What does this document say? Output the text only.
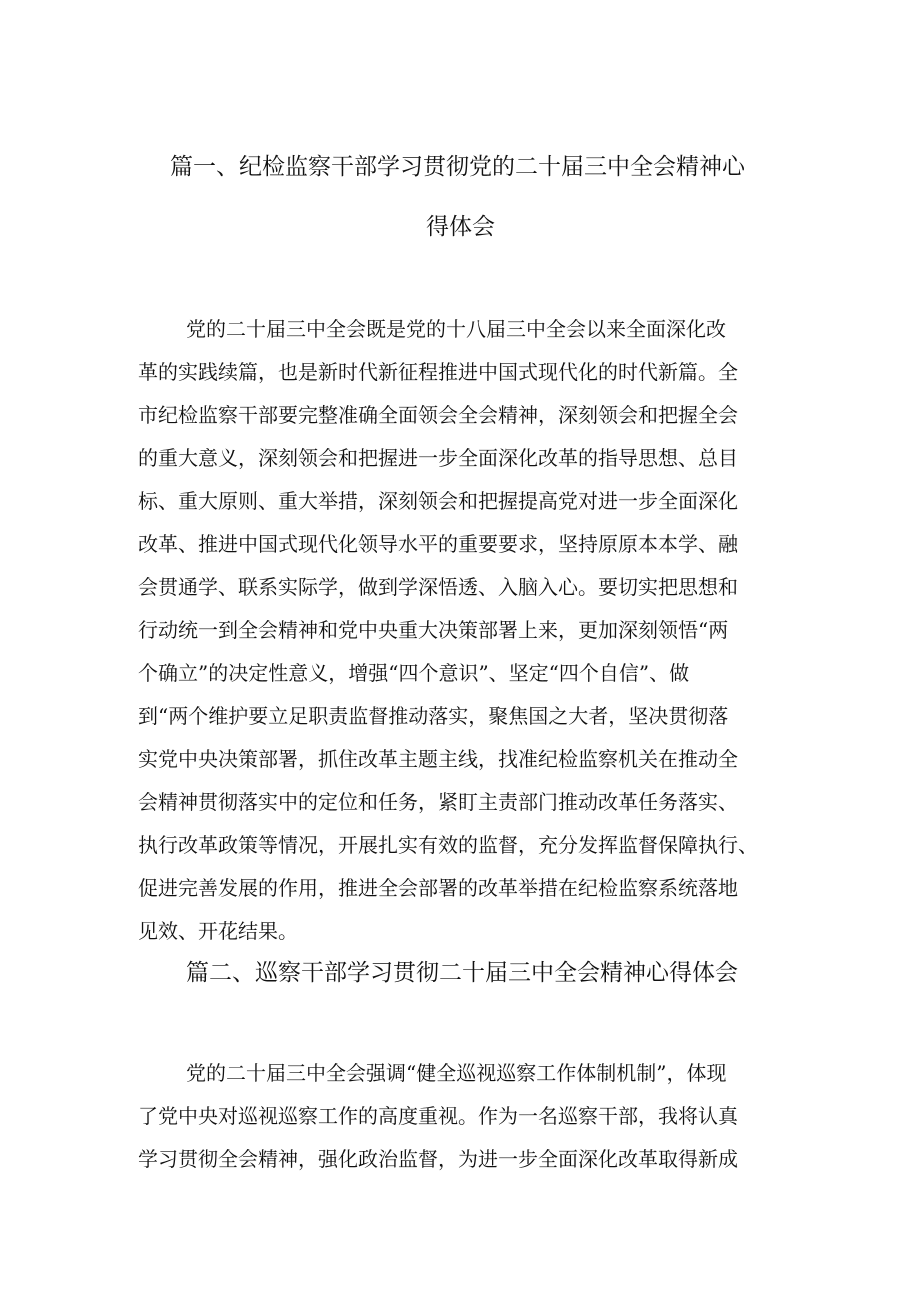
篇一、纪检监察干部学习贯彻党的二十届三中全会精神心
得体会
党的二十届三中全会既是党的十八届三中全会以来全面深化改
革的实践续篇，也是新时代新征程推进中国式现代化的时代新篇。全
市纪检监察干部要完整准确全面领会全会精神，深刻领会和把握全会
的重大意义，深刻领会和把握进一步全面深化改革的指导思想、总目
标、重大原则、重大举措，深刻领会和把握提高党对进一步全面深化
改革、推进中国式现代化领导水平的重要要求，坚持原原本本学、融
会贯通学、联系实际学，做到学深悟透、入脑入心。要切实把思想和
行动统一到全会精神和党中央重大决策部署上来，更加深刻领悟“两
个确立”的决定性意义，增强“四个意识”、坚定“四个自信”、做
到“两个维护要立足职责监督推动落实，聚焦国之大者，坚决贯彻落
实党中央决策部署，抓住改革主题主线，找准纪检监察机关在推动全
会精神贯彻落实中的定位和任务，紧盯主责部门推动改革任务落实、
执行改革政策等情况，开展扎实有效的监督，充分发挥监督保障执行、
促进完善发展的作用，推进全会部署的改革举措在纪检监察系统落地
见效、开花结果。
篇二、巡察干部学习贯彻二十届三中全会精神心得体会
党的二十届三中全会强调“健全巡视巡察工作体制机制”，体现
了党中央对巡视巡察工作的高度重视。作为一名巡察干部，我将认真
学习贯彻全会精神，强化政治监督，为进一步全面深化改革取得新成
